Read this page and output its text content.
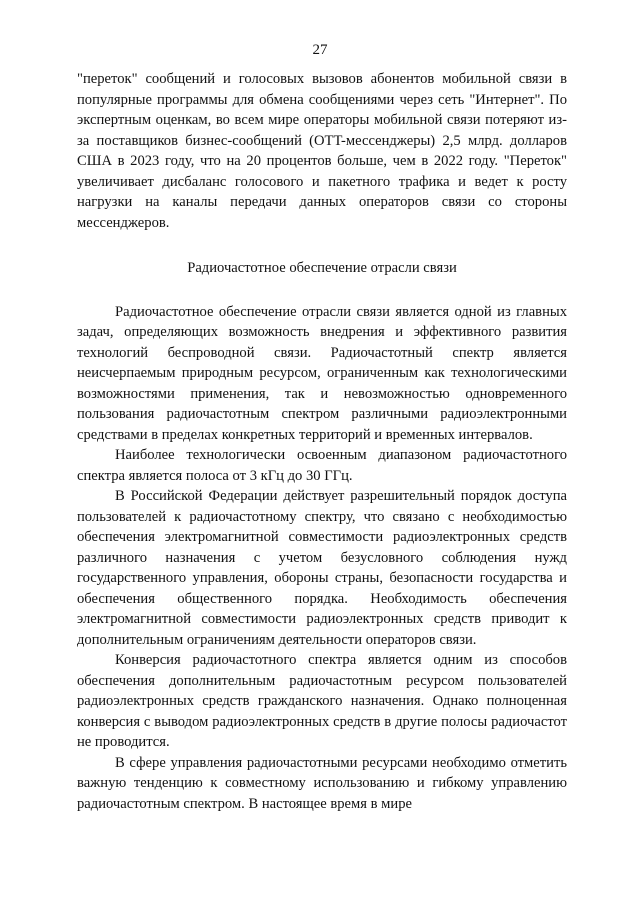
27

"переток" сообщений и голосовых вызовов абонентов мобильной связи в популярные программы для обмена сообщениями через сеть "Интернет". По экспертным оценкам, во всем мире операторы мобильной связи потеряют из-за поставщиков бизнес-сообщений (OTT-мессенджеры) 2,5 млрд. долларов США в 2023 году, что на 20 процентов больше, чем в 2022 году. "Переток" увеличивает дисбаланс голосового и пакетного трафика и ведет к росту нагрузки на каналы передачи данных операторов связи со стороны мессенджеров.

Радиочастотное обеспечение отрасли связи

Радиочастотное обеспечение отрасли связи является одной из главных задач, определяющих возможность внедрения и эффективного развития технологий беспроводной связи. Радиочастотный спектр является неисчерпаемым природным ресурсом, ограниченным как технологическими возможностями применения, так и невозможностью одновременного пользования радиочастотным спектром различными радиоэлектронными средствами в пределах конкретных территорий и временных интервалов.

Наиболее технологически освоенным диапазоном радиочастотного спектра является полоса от 3 кГц до 30 ГГц.

В Российской Федерации действует разрешительный порядок доступа пользователей к радиочастотному спектру, что связано с необходимостью обеспечения электромагнитной совместимости радиоэлектронных средств различного назначения с учетом безусловного соблюдения нужд государственного управления, обороны страны, безопасности государства и обеспечения общественного порядка. Необходимость обеспечения электромагнитной совместимости радиоэлектронных средств приводит к дополнительным ограничениям деятельности операторов связи.

Конверсия радиочастотного спектра является одним из способов обеспечения дополнительным радиочастотным ресурсом пользователей радиоэлектронных средств гражданского назначения. Однако полноценная конверсия с выводом радиоэлектронных средств в другие полосы радиочастот не проводится.

В сфере управления радиочастотными ресурсами необходимо отметить важную тенденцию к совместному использованию и гибкому управлению радиочастотным спектром. В настоящее время в мире
